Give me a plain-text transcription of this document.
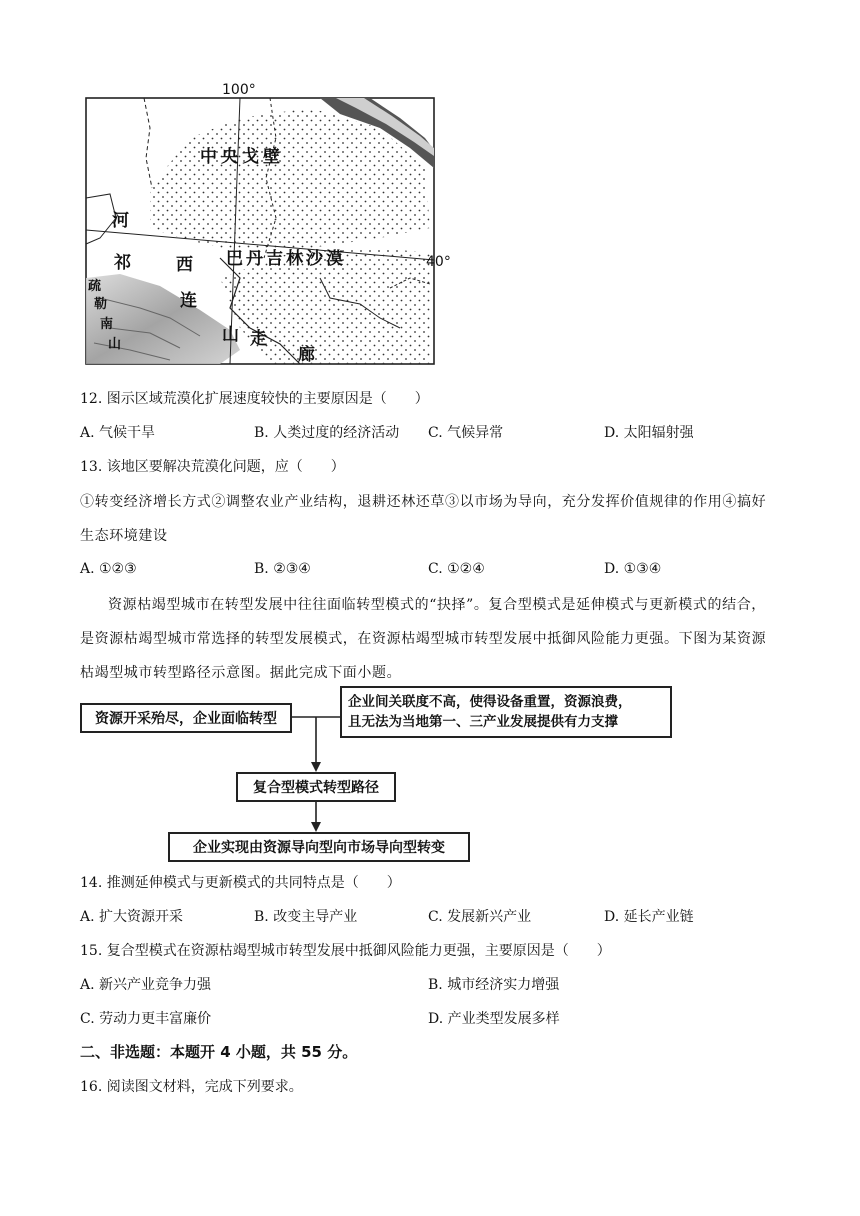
100°
40°
中央戈壁
巴丹吉林沙漠
河
西
走
廊
祁
连
山
疏
勒
南
山
12. 图示区域荒漠化扩展速度较快的主要原因是（　　）
A. 气候干旱	B. 人类过度的经济活动 C. 气候异常	D. 太阳辐射强
13. 该地区要解决荒漠化问题，应（　　）
①转变经济增长方式②调整农业产业结构，退耕还林还草③以市场为导向，充分发挥价值规律的作用④搞好生态环境建设
A. ①②③	B. ②③④	C. ①②④	D. ①③④
资源枯竭型城市在转型发展中往往面临转型模式的“抉择”。复合型模式是延伸模式与更新模式的结合，是资源枯竭型城市常选择的转型发展模式，在资源枯竭型城市转型发展中抵御风险能力更强。下图为某资源枯竭型城市转型路径示意图。据此完成下面小题。
资源开采殆尽，企业面临转型
企业间关联度不高，使得设备重置，资源浪费，
且无法为当地第一、三产业发展提供有力支撑
复合型模式转型路径
企业实现由资源导向型向市场导向型转变
14. 推测延伸模式与更新模式的共同特点是（　　）
A. 扩大资源开采	B. 改变主导产业	C. 发展新兴产业	D. 延长产业链
15. 复合型模式在资源枯竭型城市转型发展中抵御风险能力更强，主要原因是（　　）
A. 新兴产业竞争力强	B. 城市经济实力增强
C. 劳动力更丰富廉价	D. 产业类型发展多样
二、非选题：本题开 4 小题，共 55 分。
16. 阅读图文材料，完成下列要求。
